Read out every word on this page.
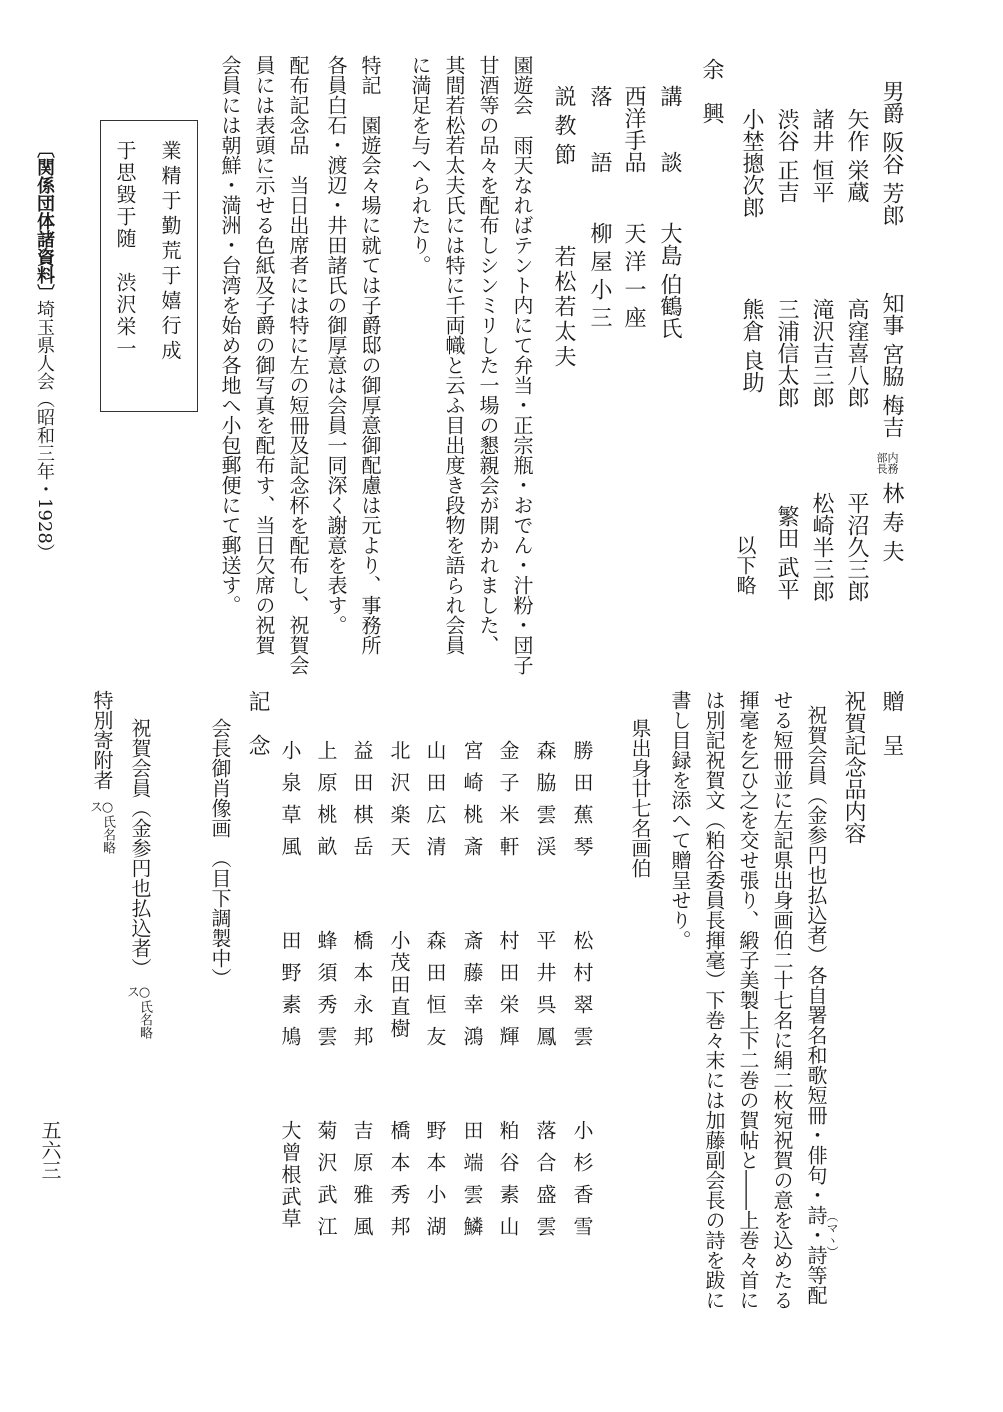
男爵 阪谷 芳郎
知事 宮脇 梅吉
内務部長
林 寿 夫
矢作 栄蔵
高窪喜八郎
平沼久三郎
諸井 恒平
滝沢吉三郎
松崎半三郎
渋谷 正吉
三浦信太郎
繁田 武平
小埜摠次郎
熊倉 良助
以下略
余　興
講　　談
大島 伯鶴氏
西洋手品
天洋一座
落　　語
柳屋小三
説 教 節
若松若太夫
園遊会　雨天なればテント内にて弁当・正宗瓶・おでん・汁粉・団子
甘酒等の品々を配布しシンミリした一場の懇親会が開かれました、
其間若松若太夫氏には特に千両幟と云ふ目出度き段物を語られ会員
に満足を与へられたり。
特記　園遊会々場に就ては子爵邸の御厚意御配慮は元より、事務所
各員白石・渡辺・井田諸氏の御厚意は会員一同深く謝意を表す。
配布記念品　当日出席者には特に左の短冊及記念杯を配布し、祝賀会
員には表頭に示せる色紙及子爵の御写真を配布す、当日欠席の祝賀
会員には朝鮮・満洲・台湾を始め各地へ小包郵便にて郵送す。
業精于勤荒于嬉行成
于思毀于随　渋沢栄一
〔関係団体諸資料〕
埼玉県人会（昭和三年・1928）
贈　呈
祝賀記念品内容
祝賀会員（金参円也払込者）各自署名和歌短冊・俳句・詩・詩等配
（マヽ）
せる短冊並に左記県出身画伯二十七名に絹二枚宛祝賀の意を込めたる
揮毫を乞ひ之を交せ張り、緞子美製上下二巻の賀帖と――上巻々首に
は別記祝賀文（粕谷委員長揮毫）下巻々末には加藤副会長の詩を跋に
書し目録を添へて贈呈せり。
県出身廿七名画伯
勝田蕉琴
松村翠雲
小杉香雪
森脇雲渓
平井呉鳳
落合盛雲
金子米軒
村田栄輝
粕谷素山
宮崎桃斎
斎藤幸鴻
田端雲鱗
山田広清
森田恒友
野本小湖
北沢楽天
小茂田直樹
橋本秀邦
益田棋岳
橋本永邦
吉原雅風
上原桃畝
蜂須秀雲
菊沢武江
小泉草風
田野素鳩
大曾根武草
記　念
会長御肖像画　（目下調製中）
祝賀会員（金参円也払込者）
○氏名略ス
特別寄附者
○氏名略ス
五六三
